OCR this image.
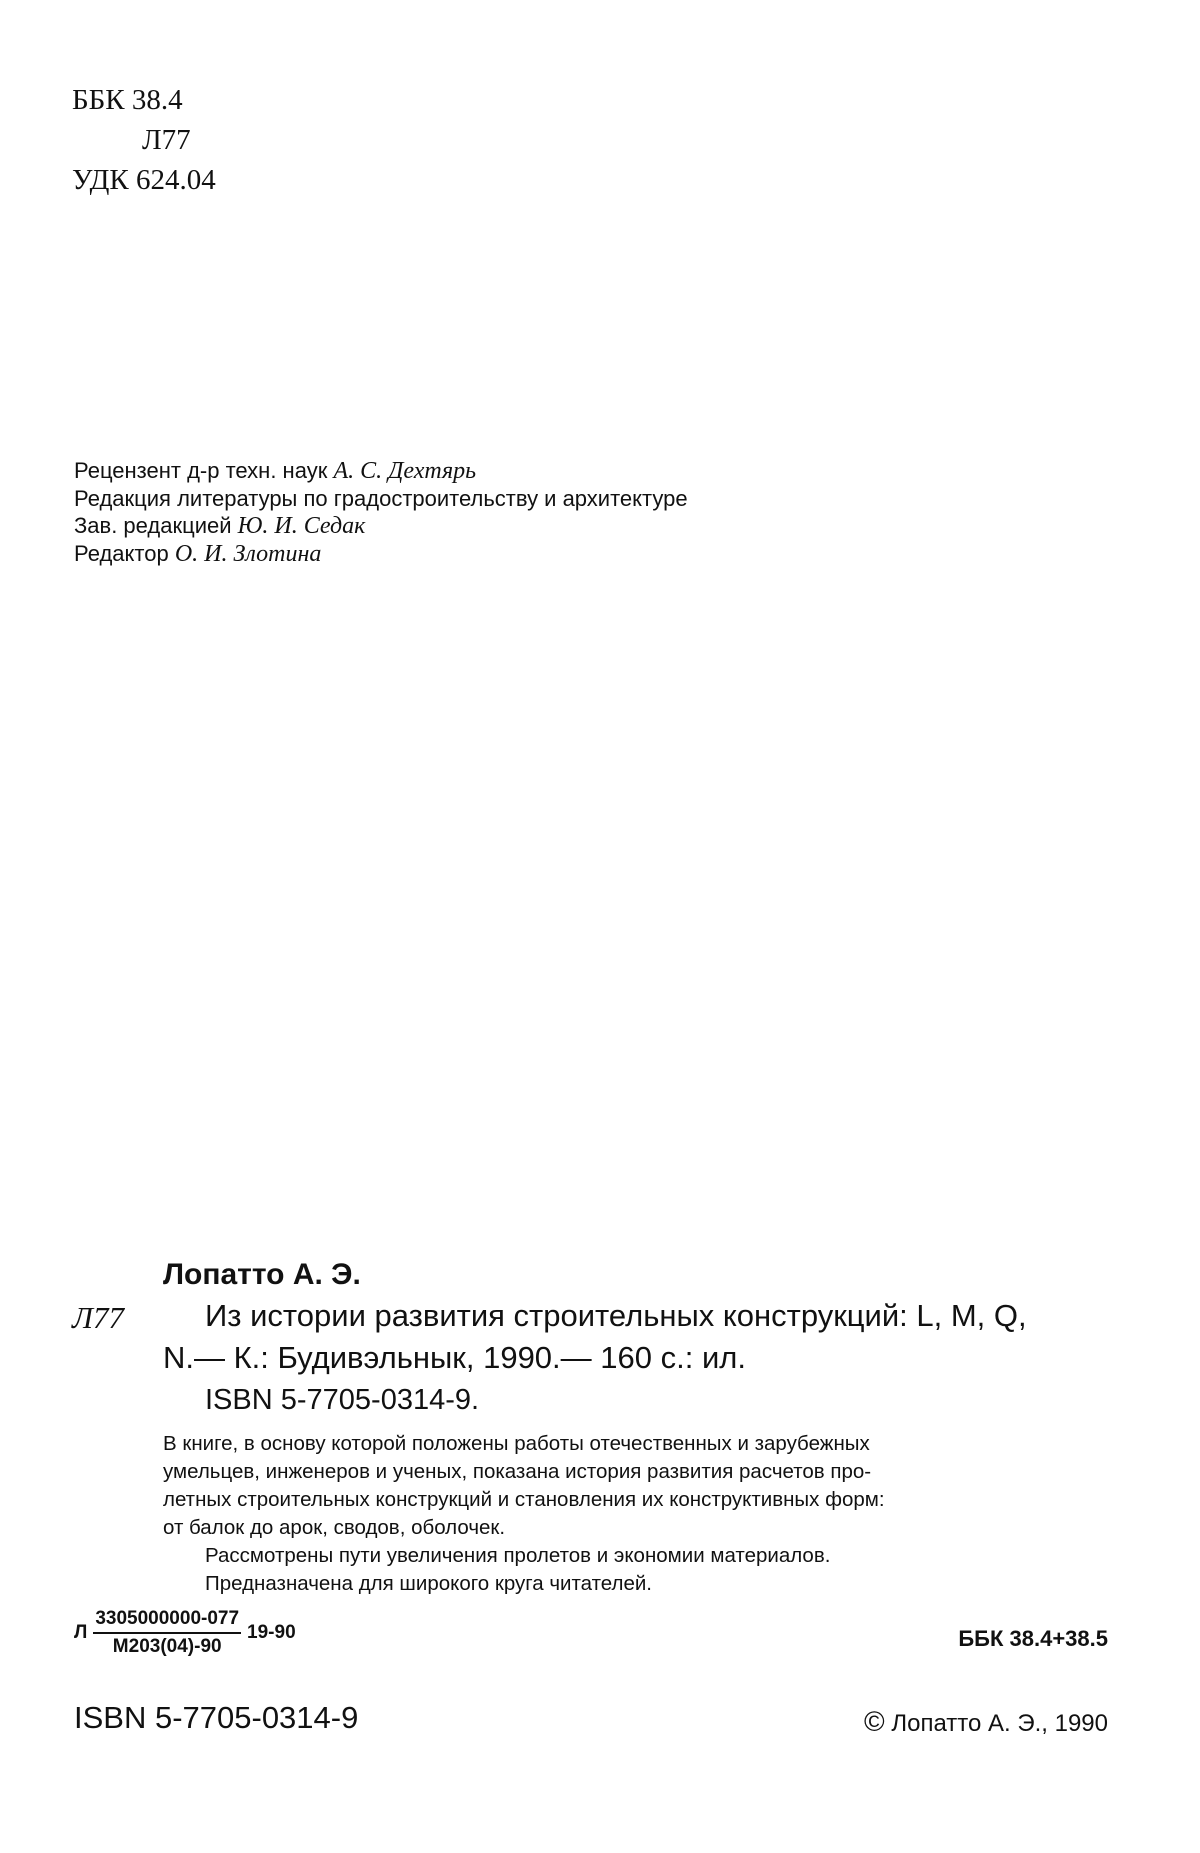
ББК 38.4
Л77
УДК 624.04
Рецензент д-р техн. наук А. С. Дехтярь
Редакция литературы по градостроительству и архитектуре
Зав. редакцией Ю. И. Седак
Редактор О. И. Злотина
Лопатто А. Э.
Л77	Из истории развития строительных конструкций: L, M, Q,
N.— К.: Будивэльнык, 1990.— 160 с.: ил.
ISBN 5-7705-0314-9.
В книге, в основу которой положены работы отечественных и зарубежных
умельцев, инженеров и ученых, показана история развития расчетов про-
летных строительных конструкций и становления их конструктивных форм:
от балок до арок, сводов, оболочек.
Рассмотрены пути увеличения пролетов и экономии материалов.
Предназначена для широкого круга читателей.
Л $\frac{3305000000-077}{М203(04)-90} 19-90$	ББК 38.4+38.5
ISBN 5-7705-0314-9	© Лопатто А. Э., 1990
